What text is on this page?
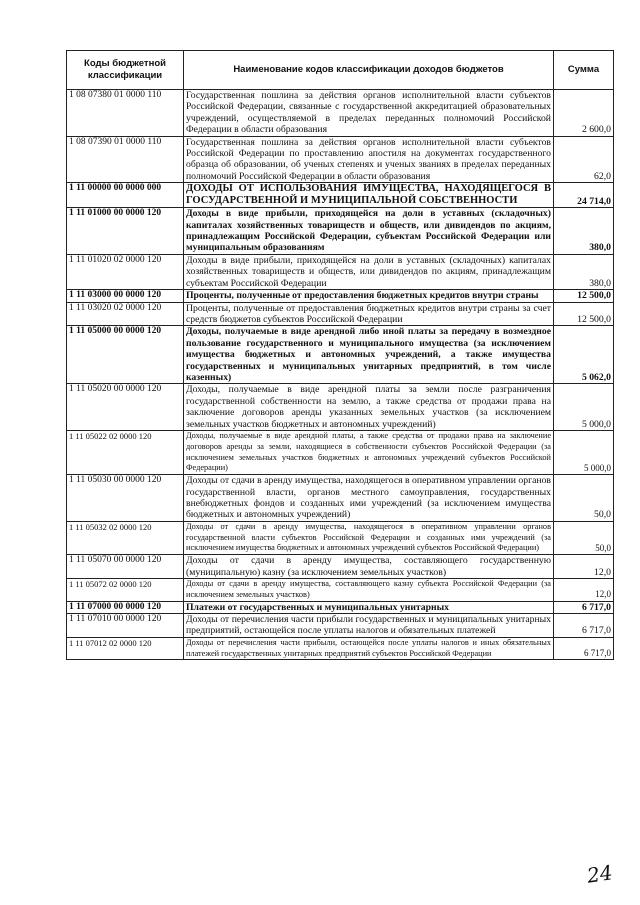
Коды бюджетной классификации	Наименование кодов классификации доходов бюджетов	Сумма
1 08 07380 01 0000 110	Государственная пошлина за действия органов исполнительной власти субъектов Российской Федерации, связанные с государственной аккредитацией образовательных учреждений, осуществляемой в пределах переданных полномочий Российской Федерации в области образования	2 600,0
1 08 07390 01 0000 110	Государственная пошлина за действия органов исполнительной власти субъектов Российской Федерации по проставлению апостиля на документах государственного образца об образовании, об ученых степенях и ученых званиях в пределах переданных полномочий Российской Федерации в области образования	62,0
1 11 00000 00 0000 000	ДОХОДЫ ОТ ИСПОЛЬЗОВАНИЯ ИМУЩЕСТВА, НАХОДЯЩЕГОСЯ В ГОСУДАРСТВЕННОЙ И МУНИЦИПАЛЬНОЙ СОБСТВЕННОСТИ	24 714,0
1 11 01000 00 0000 120	Доходы в виде прибыли, приходящейся на доли в уставных (складочных) капиталах хозяйственных товариществ и обществ, или дивидендов по акциям, принадлежащим Российской Федерации, субъектам Российской Федерации или муниципальным образованиям	380,0
1 11 01020 02 0000 120	Доходы в виде прибыли, приходящейся на доли в уставных (складочных) капиталах хозяйственных товариществ и обществ, или дивидендов по акциям, принадлежащим субъектам Российской Федерации	380,0
1 11 03000 00 0000 120	Проценты, полученные от предоставления бюджетных кредитов внутри страны	12 500,0
1 11 03020 02 0000 120	Проценты, полученные от предоставления бюджетных кредитов внутри страны за счет средств бюджетов субъектов Российской Федерации	12 500,0
1 11 05000 00 0000 120	Доходы, получаемые в виде арендной либо иной платы за передачу в возмездное пользование государственного и муниципального имущества (за исключением имущества бюджетных и автономных учреждений, а также имущества государственных и муниципальных унитарных предприятий, в том числе казенных)	5 062,0
1 11 05020 00 0000 120	Доходы, получаемые в виде арендной платы за земли после разграничения государственной собственности на землю, а также средства от продажи права на заключение договоров аренды указанных земельных участков (за исключением земельных участков бюджетных и автономных учреждений)	5 000,0
1 11 05022 02 0000 120	Доходы, получаемые в виде арендной платы, а также средства от продажи права на заключение договоров аренды за земли, находящиеся в собственности субъектов Российской Федерации (за исключением земельных участков бюджетных и автономных учреждений субъектов Российской Федерации)	5 000,0
1 11 05030 00 0000 120	Доходы от сдачи в аренду имущества, находящегося в оперативном управлении органов государственной власти, органов местного самоуправления, государственных внебюджетных фондов и созданных ими учреждений (за исключением имущества бюджетных и автономных учреждений)	50,0
1 11 05032 02 0000 120	Доходы от сдачи в аренду имущества, находящегося в оперативном управлении органов государственной власти субъектов Российской Федерации и созданных ими учреждений (за исключением имущества бюджетных и автономных учреждений субъектов Российской Федерации)	50,0
1 11 05070 00 0000 120	Доходы от сдачи в аренду имущества, составляющего государственную (муниципальную) казну (за исключением земельных участков)	12,0
1 11 05072 02 0000 120	Доходы от сдачи в аренду имущества, составляющего казну субъекта Российской Федерации (за исключением земельных участков)	12,0
1 11 07000 00 0000 120	Платежи от государственных и муниципальных унитарных	6 717,0
1 11 07010 00 0000 120	Доходы от перечисления части прибыли государственных и муниципальных унитарных предприятий, остающейся после уплаты налогов и обязательных платежей	6 717,0
1 11 07012 02 0000 120	Доходы от перечисления части прибыли, остающейся после уплаты налогов и иных обязательных платежей государственных унитарных предприятий субъектов Российской Федерации	6 717,0
24
